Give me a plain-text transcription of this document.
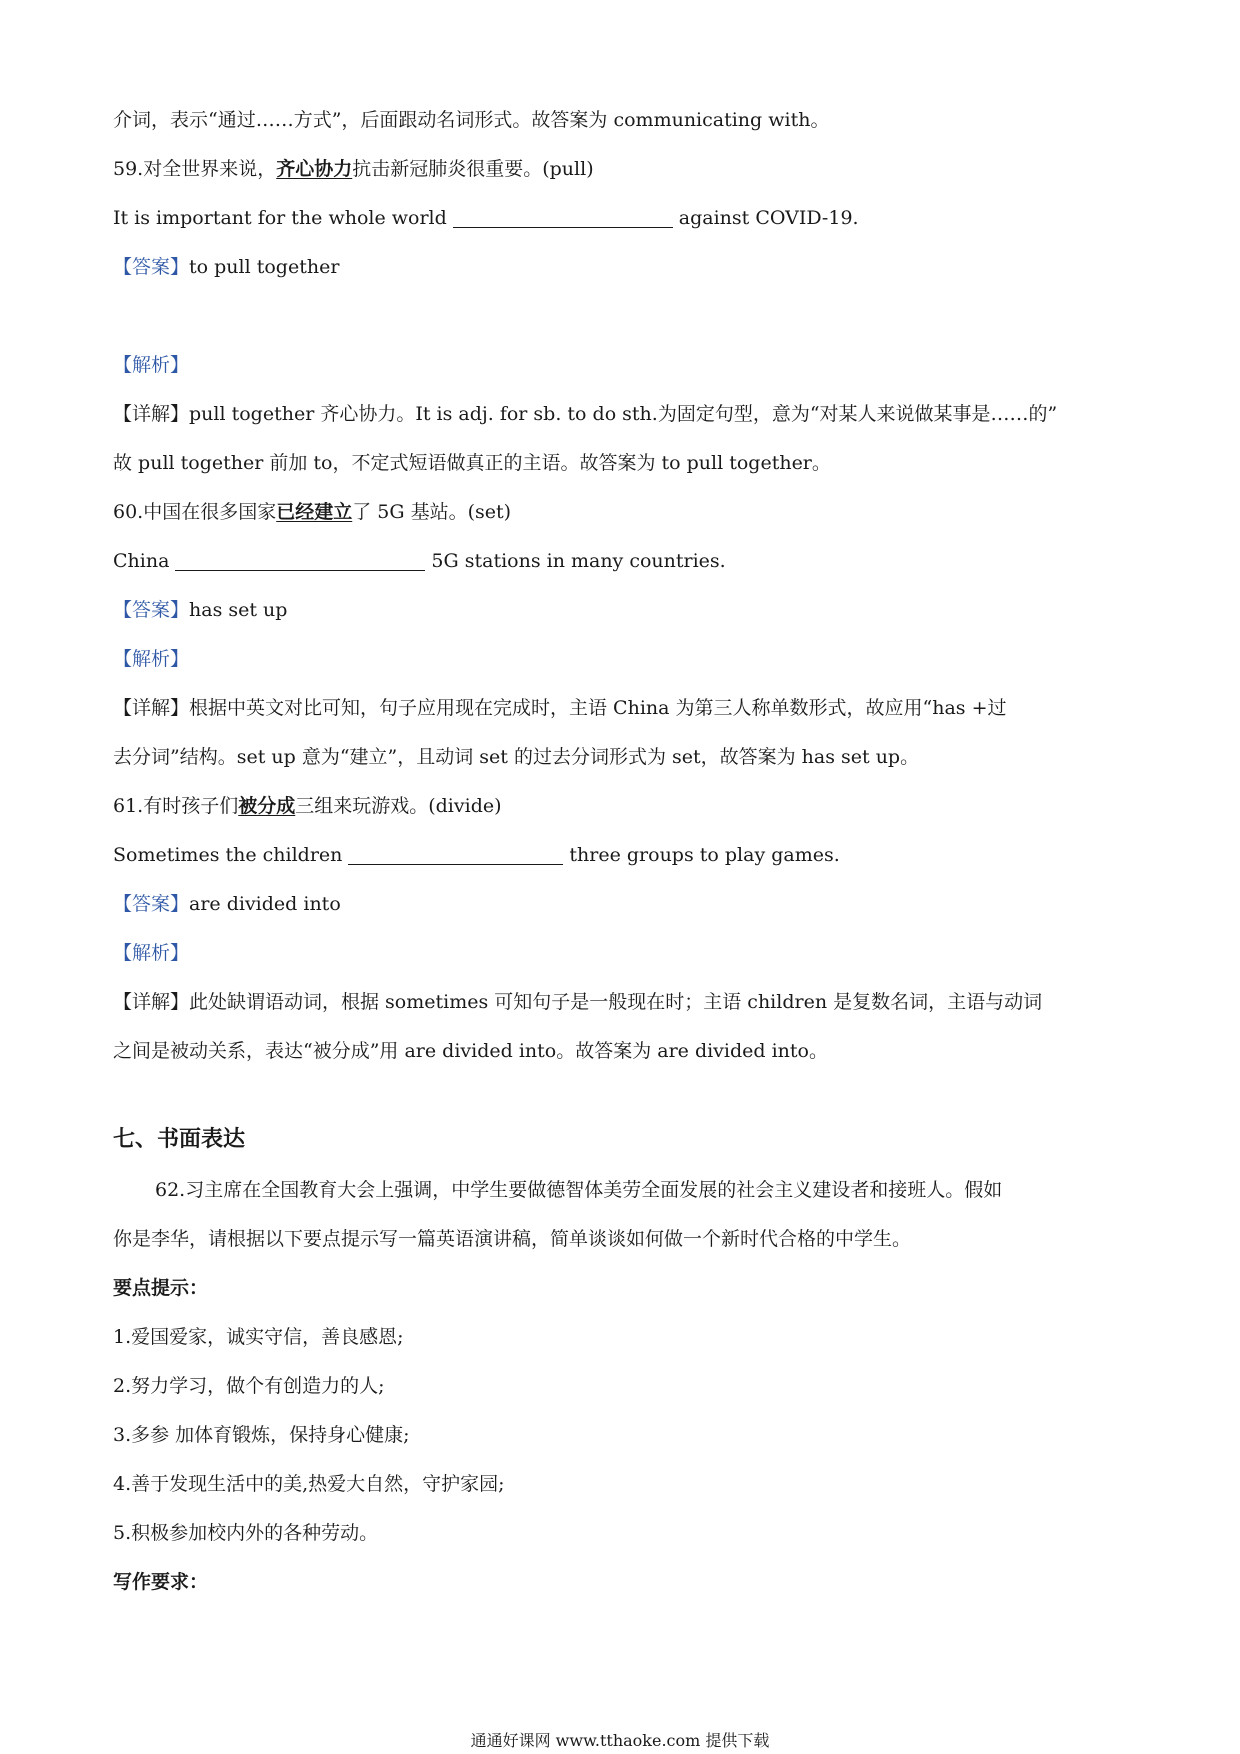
介词，表示“通过……方式”，后面跟动名词形式。故答案为 communicating with。
59.对全世界来说，齐心协力抗击新冠肺炎很重要。(pull)
It is important for the whole world	against COVID-19.
【答案】to pull together
【解析】
【详解】pull together 齐心协力。It is adj. for sb. to do sth.为固定句型，意为“对某人来说做某事是……的”
故 pull together 前加 to，不定式短语做真正的主语。故答案为 to pull together。
60.中国在很多国家已经建立了 5G 基站。(set)
China	5G stations in many countries.
【答案】has set up
【解析】
【详解】根据中英文对比可知，句子应用现在完成时，主语 China 为第三人称单数形式，故应用“has +过
去分词”结构。set up 意为“建立”，且动词 set 的过去分词形式为 set，故答案为 has set up。
61.有时孩子们被分成三组来玩游戏。(divide)
Sometimes the children	three groups to play games.
【答案】are divided into
【解析】
【详解】此处缺谓语动词，根据 sometimes 可知句子是一般现在时；主语 children 是复数名词，主语与动词
之间是被动关系，表达“被分成”用 are divided into。故答案为 are divided into。
七、书面表达
62.习主席在全国教育大会上强调，中学生要做德智体美劳全面发展的社会主义建设者和接班人。假如
你是李华，请根据以下要点提示写一篇英语演讲稿，简单谈谈如何做一个新时代合格的中学生。
要点提示：
1.爱国爱家，诚实守信，善良感恩;
2.努力学习，做个有创造力的人;
3.多参 加体育锻炼，保持身心健康;
4.善于发现生活中的美,热爱大自然，守护家园;
5.积极参加校内外的各种劳动。
写作要求：
通通好课网 www.tthaoke.com 提供下载
